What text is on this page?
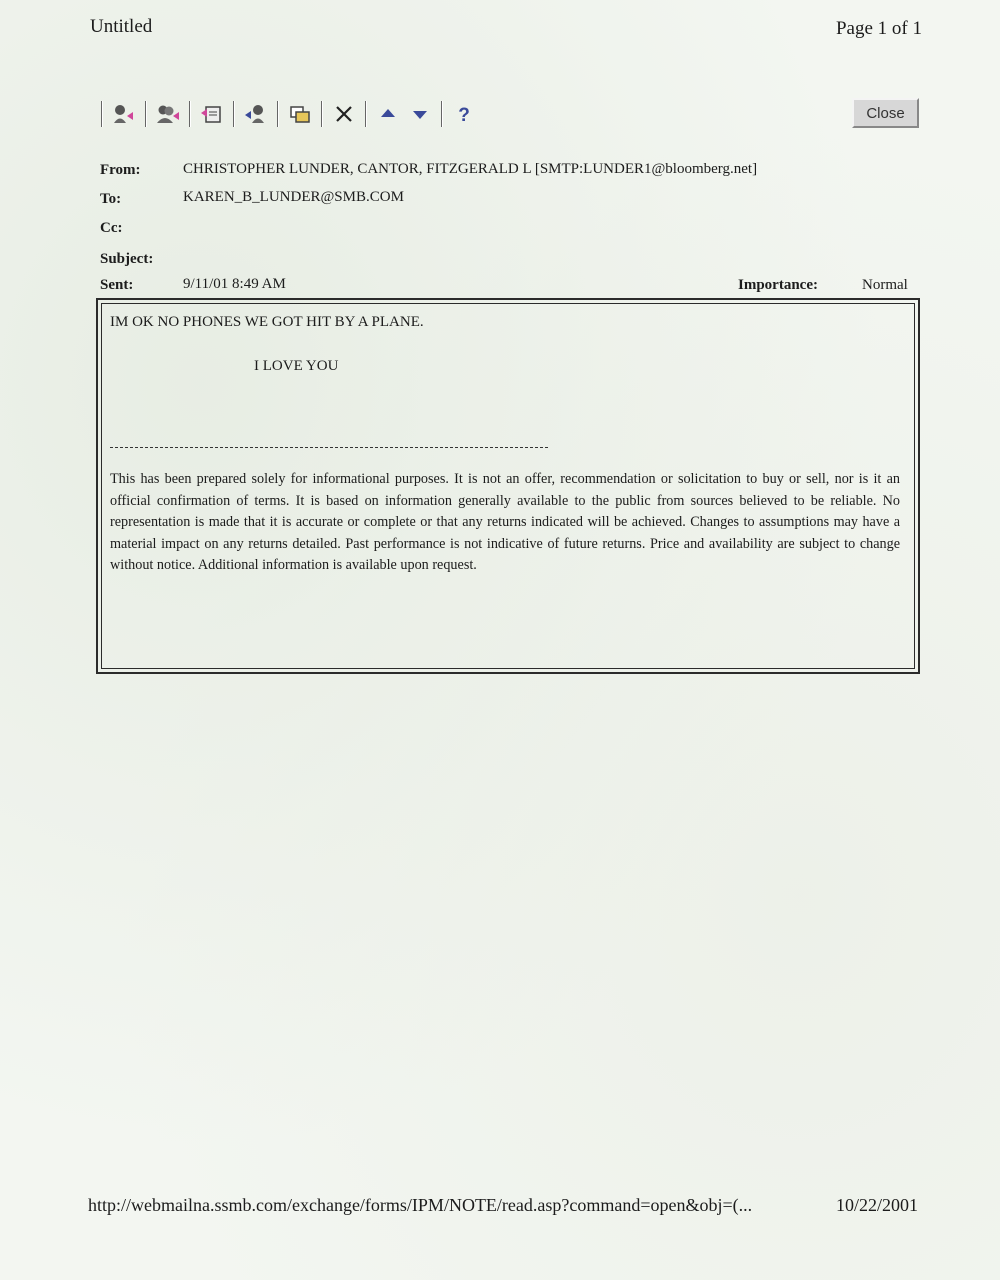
Untitled	Page 1 of 1
?	Close
From:	CHRISTOPHER LUNDER, CANTOR, FITZGERALD L [SMTP:LUNDER1@bloomberg.net]
To:	KAREN_B_LUNDER@SMB.COM
Cc:
Subject:
Sent:	9/11/01 8:49 AM	Importance:	Normal
IM OK NO PHONES WE GOT HIT BY A PLANE.
I LOVE YOU
This has been prepared solely for informational purposes. It is not an offer, recommendation or solicitation to buy or sell, nor is it an official confirmation of terms. It is based on information generally available to the public from sources believed to be reliable. No representation is made that it is accurate or complete or that any returns indicated will be achieved. Changes to assumptions may have a material impact on any returns detailed. Past performance is not indicative of future returns. Price and availability are subject to change without notice. Additional information is available upon request.
http://webmailna.ssmb.com/exchange/forms/IPM/NOTE/read.asp?command=open&obj=(...	10/22/2001
